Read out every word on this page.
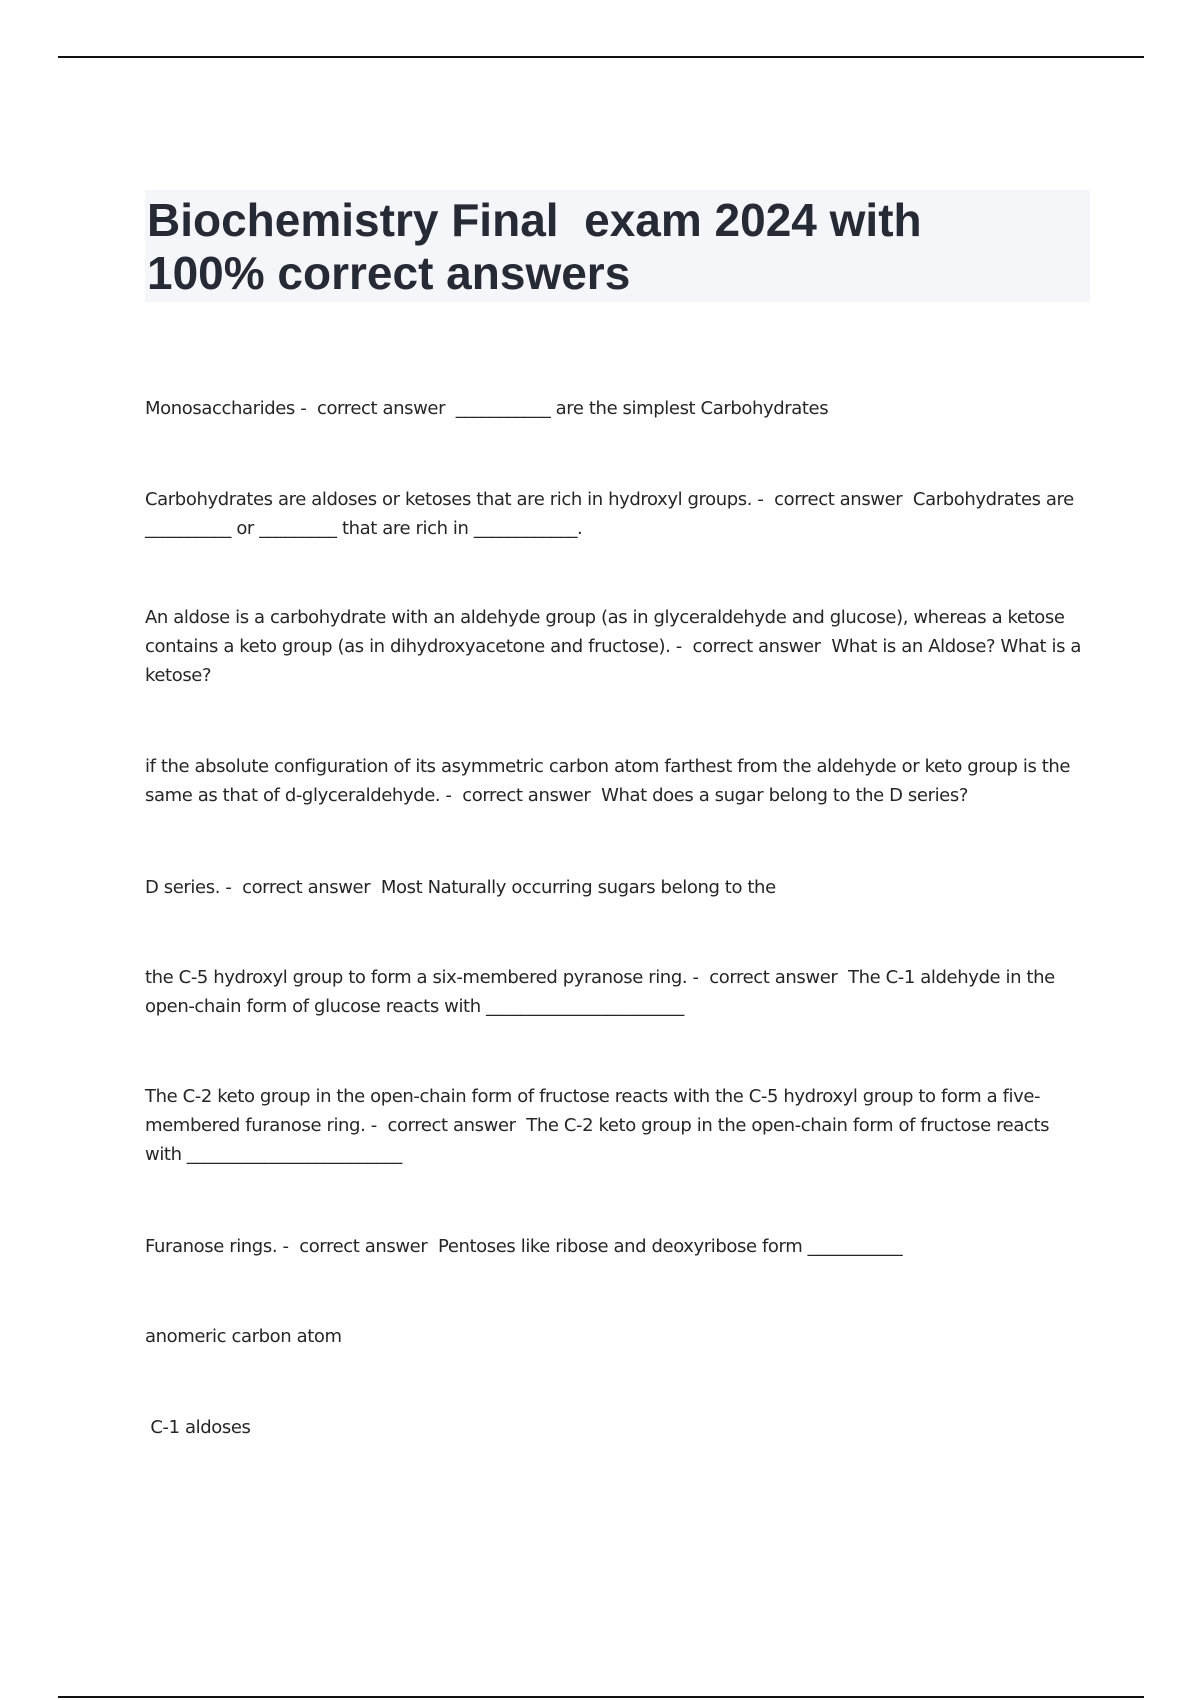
Biochemistry Final  exam 2024 with
100% correct answers
Monosaccharides -  correct answer  ___________ are the simplest Carbohydrates
Carbohydrates are aldoses or ketoses that are rich in hydroxyl groups. -  correct answer  Carbohydrates are __________ or _________ that are rich in ____________.
An aldose is a carbohydrate with an aldehyde group (as in glyceraldehyde and glucose), whereas a ketose contains a keto group (as in dihydroxyacetone and fructose). -  correct answer  What is an Aldose? What is a ketose?
if the absolute configuration of its asymmetric carbon atom farthest from the aldehyde or keto group is the same as that of d-glyceraldehyde. -  correct answer  What does a sugar belong to the D series?
D series. -  correct answer  Most Naturally occurring sugars belong to the
the C-5 hydroxyl group to form a six-membered pyranose ring. -  correct answer  The C-1 aldehyde in the open-chain form of glucose reacts with _______________________
The C-2 keto group in the open-chain form of fructose reacts with the C-5 hydroxyl group to form a five-membered furanose ring. -  correct answer  The C-2 keto group in the open-chain form of fructose reacts with _________________________
Furanose rings. -  correct answer  Pentoses like ribose and deoxyribose form ___________
anomeric carbon atom
C-1 aldoses
